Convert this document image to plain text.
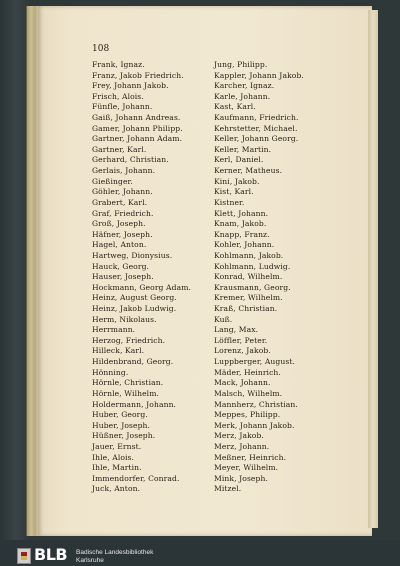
108
Frank, Ignaz.
Franz, Jakob Friedrich.
Frey, Johann Jakob.
Frisch, Alois.
Fünfle, Johann.
Gaiß, Johann Andreas.
Gamer, Johann Philipp.
Gartner, Johann Adam.
Gartner, Karl.
Gerhard, Christian.
Gerlais, Johann.
Gießinger.
Göhler, Johann.
Grabert, Karl.
Graf, Friedrich.
Groß, Joseph.
Häfner, Joseph.
Hagel, Anton.
Hartweg, Dionysius.
Hauck, Georg.
Hauser, Joseph.
Hockmann, Georg Adam.
Heinz, August Georg.
Heinz, Jakob Ludwig.
Herm, Nikolaus.
Herrmann.
Herzog, Friedrich.
Hilleck, Karl.
Hildenbrand, Georg.
Hönning.
Hörnle, Christian.
Hörnle, Wilhelm.
Holdermann, Johann.
Huber, Georg.
Huber, Joseph.
Hüßner, Joseph.
Jauer, Ernst.
Ihle, Alois.
Ihle, Martin.
Immendorfer, Conrad.
Juck, Anton.
Jung, Philipp.
Kappler, Johann Jakob.
Karcher, Ignaz.
Karle, Johann.
Kast, Karl.
Kaufmann, Friedrich.
Kehrstetter, Michael.
Keller, Johann Georg.
Keller, Martin.
Kerl, Daniel.
Kerner, Matheus.
Kini, Jakob.
Kist, Karl.
Kistner.
Klett, Johann.
Knam, Jakob.
Knapp, Franz.
Kohler, Johann.
Kohlmann, Jakob.
Kohlmann, Ludwig.
Konrad, Wilhelm.
Krausmann, Georg.
Kremer, Wilhelm.
Kraß, Christian.
Kuß.
Lang, Max.
Löffler, Peter.
Lorenz, Jakob.
Luppberger, August.
Mäder, Heinrich.
Mack, Johann.
Malsch, Wilhelm.
Mannherz, Christian.
Meppes, Philipp.
Merk, Johann Jakob.
Merz, Jakob.
Merz, Johann.
Meßner, Heinrich.
Meyer, Wilhelm.
Mink, Joseph.
Mitzel.
BLB Badische Landesbibliothek
Karlsruhe
